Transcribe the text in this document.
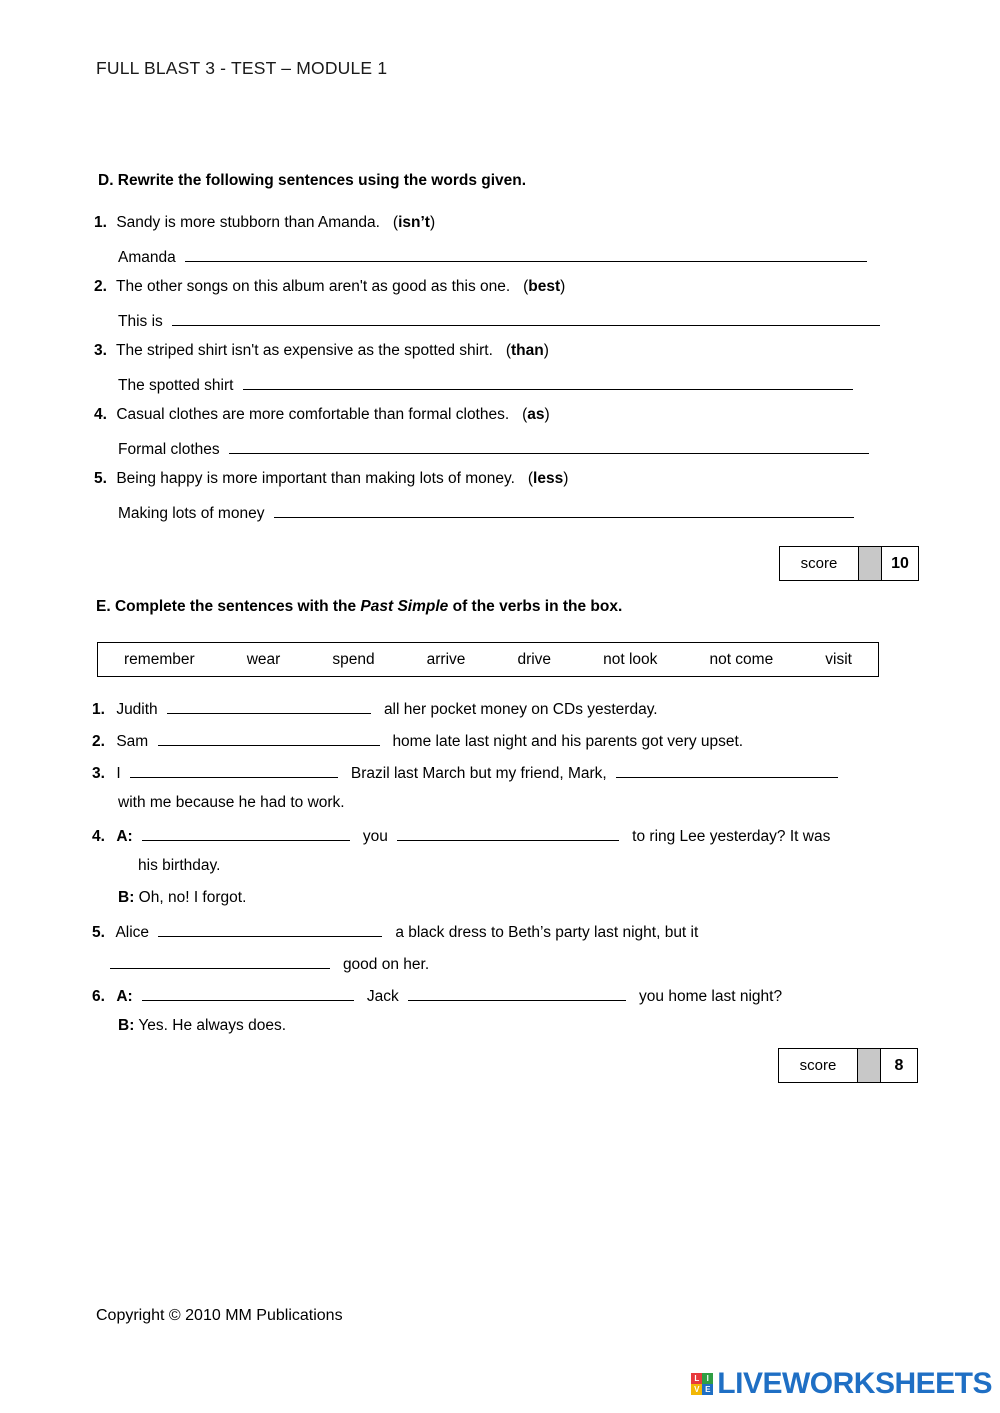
FULL BLAST 3 - TEST – MODULE 1
D. Rewrite the following sentences using the words given.
1. Sandy is more stubborn than Amanda.   (isn’t)
Amanda
2. The other songs on this album aren't as good as this one.   (best)
This is
3. The striped shirt isn't as expensive as the spotted shirt.   (than)
The spotted shirt
4. Casual clothes are more comfortable than formal clothes.   (as)
Formal clothes
5. Being happy is more important than making lots of money.   (less)
Making lots of money
score	10
E. Complete the sentences with the Past Simple of the verbs in the box.
remember	wear	spend	arrive	drive	not look	not come	visit
1. Judith	all her pocket money on CDs yesterday.
2. Sam	home late last night and his parents got very upset.
3. I	Brazil last March but my friend, Mark,
with me because he had to work.
4. A:	you	to ring Lee yesterday? It was
his birthday.
B: Oh, no! I forgot.
5. Alice	a black dress to Beth’s party last night, but it
good on her.
6. A:	Jack	you home last night?
B: Yes. He always does.
score	8
Copyright © 2010 MM Publications
L I
V E LIVEWORKSHEETS
